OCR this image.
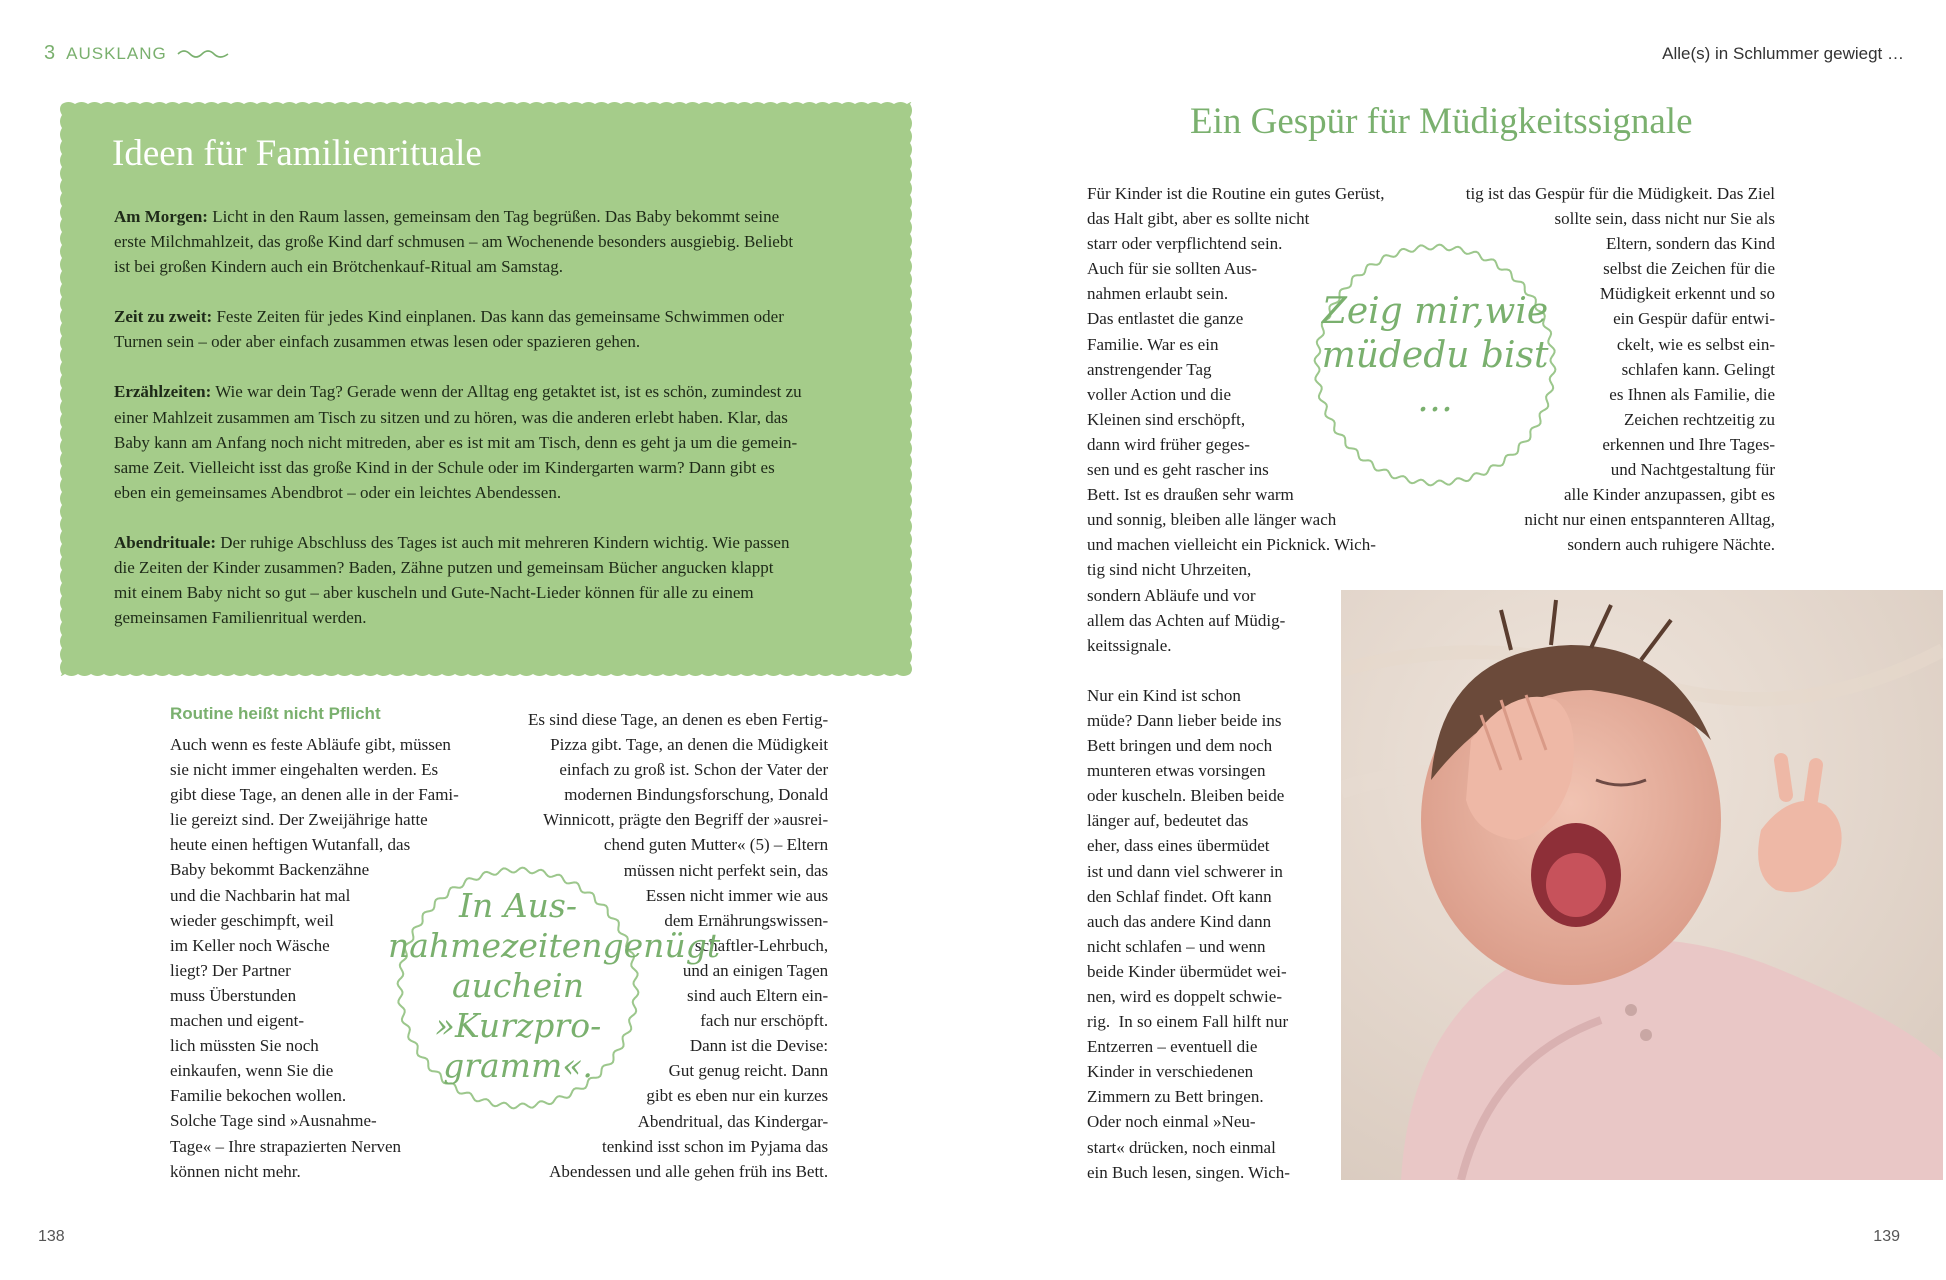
3 AUSKLANG	Alle(s) in Schlummer gewiegt …
Ideen für Familienrituale

Am Morgen: Licht in den Raum lassen, gemeinsam den Tag begrüßen. Das Baby bekommt seine
erste Milchmahlzeit, das große Kind darf schmusen – am Wochenende besonders ausgiebig. Beliebt
ist bei großen Kindern auch ein Brötchenkauf-Ritual am Samstag.

Zeit zu zweit: Feste Zeiten für jedes Kind einplanen. Das kann das gemeinsame Schwimmen oder
Turnen sein – oder aber einfach zusammen etwas lesen oder spazieren gehen.

Erzählzeiten: Wie war dein Tag? Gerade wenn der Alltag eng getaktet ist, ist es schön, zumindest zu
einer Mahlzeit zusammen am Tisch zu sitzen und zu hören, was die anderen erlebt haben. Klar, das
Baby kann am Anfang noch nicht mitreden, aber es ist mit am Tisch, denn es geht ja um die gemein-
same Zeit. Vielleicht isst das große Kind in der Schule oder im Kindergarten warm? Dann gibt es
eben ein gemeinsames Abendbrot – oder ein leichtes Abendessen.

Abendrituale: Der ruhige Abschluss des Tages ist auch mit mehreren Kindern wichtig. Wie passen
die Zeiten der Kinder zusammen? Baden, Zähne putzen und gemeinsam Bücher angucken klappt
mit einem Baby nicht so gut – aber kuscheln und Gute-Nacht-Lieder können für alle zu einem
gemeinsamen Familienritual werden.

Routine heißt nicht Pflicht
Auch wenn es feste Abläufe gibt, müssen
sie nicht immer eingehalten werden. Es
gibt diese Tage, an denen alle in der Fami-
lie gereizt sind. Der Zweijährige hatte
heute einen heftigen Wutanfall, das
Baby bekommt Backenzähne
und die Nachbarin hat mal
wieder geschimpft, weil
im Keller noch Wäsche
liegt? Der Partner
muss Überstunden
machen und eigent-
lich müssten Sie noch
einkaufen, wenn Sie die
Familie bekochen wollen.
Solche Tage sind »Ausnahme-
Tage« – Ihre strapazierten Nerven
können nicht mehr.
Es sind diese Tage, an denen es eben Fertig-
Pizza gibt. Tage, an denen die Müdigkeit
einfach zu groß ist. Schon der Vater der
modernen Bindungsforschung, Donald
Winnicott, prägte den Begriff der »ausrei-
chend guten Mutter« (5) – Eltern
müssen nicht perfekt sein, das
Essen nicht immer wie aus
dem Ernährungswissen-
schaftler-Lehrbuch,
und an einigen Tagen
sind auch Eltern ein-
fach nur erschöpft.
Dann ist die Devise:
Gut genug reicht. Dann
gibt es eben nur ein kurzes
Abendritual, das Kindergar-
tenkind isst schon im Pyjama das
Abendessen und alle gehen früh ins Bett.
In Aus-nahmezeitengenügt auchein »Kurzpro-gramm«.
Ein Gespür für Müdigkeitssignale
Für Kinder ist die Routine ein gutes Gerüst,
das Halt gibt, aber es sollte nicht
starr oder verpflichtend sein.
Auch für sie sollten Aus-
nahmen erlaubt sein.
Das entlastet die ganze
Familie. War es ein
anstrengender Tag
voller Action und die
Kleinen sind erschöpft,
dann wird früher geges-
sen und es geht rascher ins
Bett. Ist es draußen sehr warm
und sonnig, bleiben alle länger wach
und machen vielleicht ein Picknick. Wich-
tig sind nicht Uhrzeiten,
sondern Abläufe und vor
allem das Achten auf Müdig-
keitssignale.

Nur ein Kind ist schon
müde? Dann lieber beide ins
Bett bringen und dem noch
munteren etwas vorsingen
oder kuscheln. Bleiben beide
länger auf, bedeutet das
eher, dass eines übermüdet
ist und dann viel schwerer in
den Schlaf findet. Oft kann
auch das andere Kind dann
nicht schlafen – und wenn
beide Kinder übermüdet wei-
nen, wird es doppelt schwie-
rig.  In so einem Fall hilft nur
Entzerren – eventuell die
Kinder in verschiedenen
Zimmern zu Bett bringen.
Oder noch einmal »Neu-
start« drücken, noch einmal
ein Buch lesen, singen. Wich-
tig ist das Gespür für die Müdigkeit. Das Ziel
sollte sein, dass nicht nur Sie als
Eltern, sondern das Kind
selbst die Zeichen für die
Müdigkeit erkennt und so
ein Gespür dafür entwi-
ckelt, wie es selbst ein-
schlafen kann. Gelingt
es Ihnen als Familie, die
Zeichen rechtzeitig zu
erkennen und Ihre Tages-
und Nachtgestaltung für
alle Kinder anzupassen, gibt es
nicht nur einen entspannteren Alltag,
sondern auch ruhigere Nächte.
Zeig mir,wie müdedu bist …
138	139
